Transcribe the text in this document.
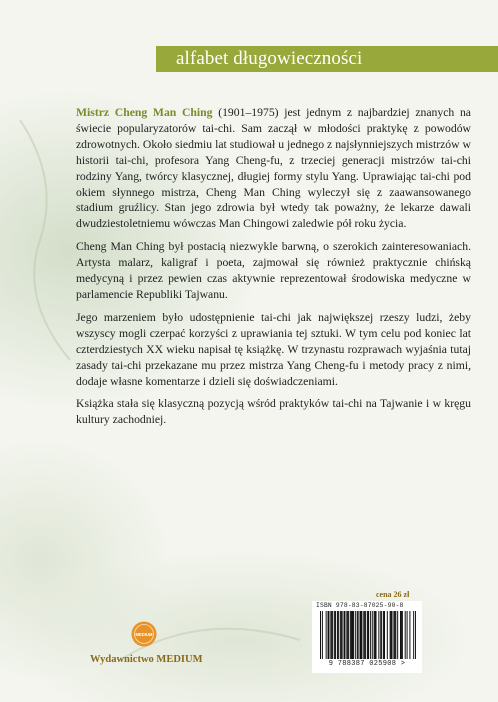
alfabet długowieczności

Mistrz Cheng Man Ching (1901–1975) jest jednym z najbardziej znanych na świecie popularyzatorów tai-chi. Sam zaczął w młodości praktykę z powodów zdrowotnych. Około siedmiu lat studiował u jednego z najsłynniejszych mistrzów w historii tai-chi, profesora Yang Cheng-fu, z trzeciej generacji mistrzów tai-chi rodziny Yang, twórcy klasycznej, długiej formy stylu Yang. Uprawiając tai-chi pod okiem słynnego mistrza, Cheng Man Ching wyleczył się z zaawansowanego stadium gruźlicy. Stan jego zdrowia był wtedy tak poważny, że lekarze dawali dwudziestoletniemu wówczas Man Chingowi zaledwie pół roku życia.

Cheng Man Ching był postacią niezwykle barwną, o szerokich zainteresowaniach. Artysta malarz, kaligraf i poeta, zajmował się również praktycznie chińską medycyną i przez pewien czas aktywnie reprezentował środowiska medyczne w parlamencie Republiki Tajwanu.

Jego marzeniem było udostępnienie tai-chi jak największej rzeszy ludzi, żeby wszyscy mogli czerpać korzyści z uprawiania tej sztuki. W tym celu pod koniec lat czterdziestych XX wieku napisał tę książkę. W trzynastu rozprawach wyjaśnia tutaj zasady tai-chi przekazane mu przez mistrza Yang Cheng-fu i metody pracy z nimi, dodaje własne komentarze i dzieli się doświadczeniami.

Książka stała się klasyczną pozycją wśród praktyków tai-chi na Tajwanie i w kręgu kultury zachodniej.

cena 26 zł
ISBN 978-83-87025-90-8
9 788387 025908 >
MEDIUM
Wydawnictwo MEDIUM
